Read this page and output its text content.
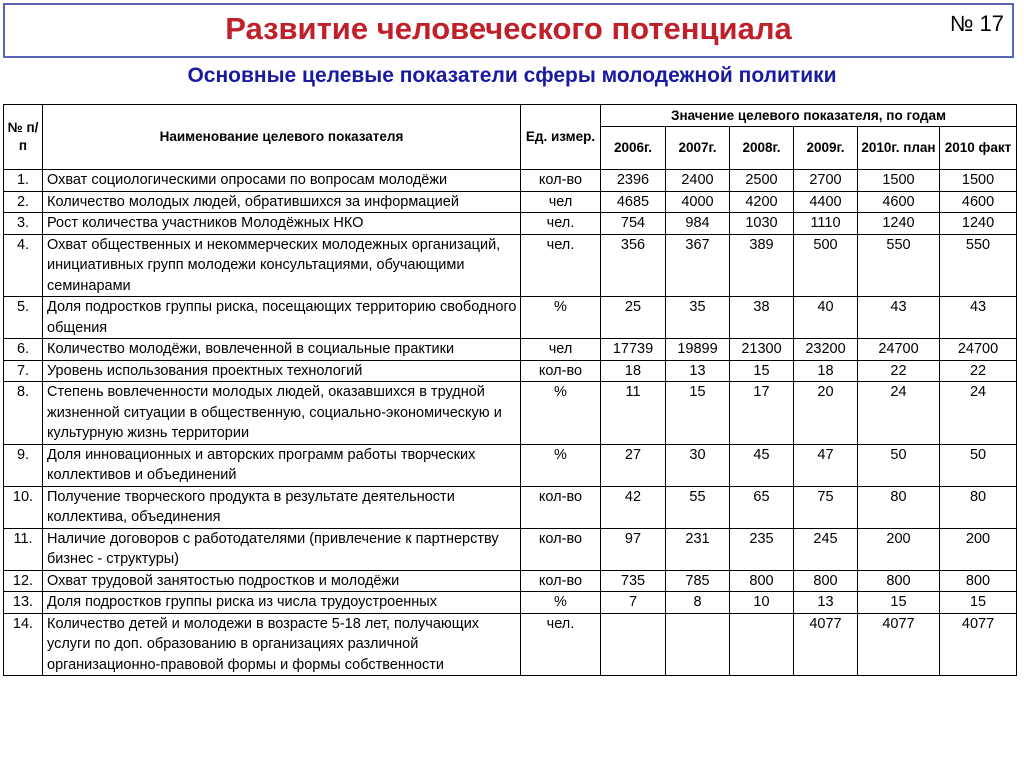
Развитие человеческого потенциала	№ 17
Основные целевые показатели сферы молодежной политики
№ п/п	Наименование целевого показателя	Ед. измер.	Значение целевого показателя, по годам					
			2006г.	2007г.	2008г.	2009г.	2010г. план	2010 факт
1.	Охват социологическими опросами по вопросам молодёжи	кол-во	2396	2400	2500	2700	1500	1500
2.	Количество молодых людей, обратившихся за информацией	чел	4685	4000	4200	4400	4600	4600
3.	Рост количества участников Молодёжных НКО	чел.	754	984	1030	1110	1240	1240
4.	Охват общественных и некоммерческих молодежных организаций, инициативных групп молодежи консультациями, обучающими семинарами	чел.	356	367	389	500	550	550
5.	Доля подростков группы риска, посещающих территорию свободного общения	%	25	35	38	40	43	43
6.	Количество молодёжи, вовлеченной в социальные практики	чел	17739	19899	21300	23200	24700	24700
7.	Уровень использования проектных технологий	кол-во	18	13	15	18	22	22
8.	Степень вовлеченности молодых людей, оказавшихся в трудной жизненной ситуации в общественную, социально-экономическую и культурную жизнь территории	%	11	15	17	20	24	24
9.	Доля инновационных и авторских программ работы творческих коллективов и объединений	%	27	30	45	47	50	50
10.	Получение творческого продукта в результате деятельности коллектива, объединения	кол-во	42	55	65	75	80	80
11.	Наличие договоров с работодателями (привлечение к партнерству бизнес - структуры)	кол-во	97	231	235	245	200	200
12.	Охват трудовой занятостью подростков и молодёжи	кол-во	735	785	800	800	800	800
13.	Доля подростков группы риска из числа трудоустроенных	%	7	8	10	13	15	15
14.	Количество детей и молодежи в возрасте 5-18 лет, получающих услуги по доп. образованию в организациях различной организационно-правовой формы и формы собственности	чел.				4077	4077	4077
